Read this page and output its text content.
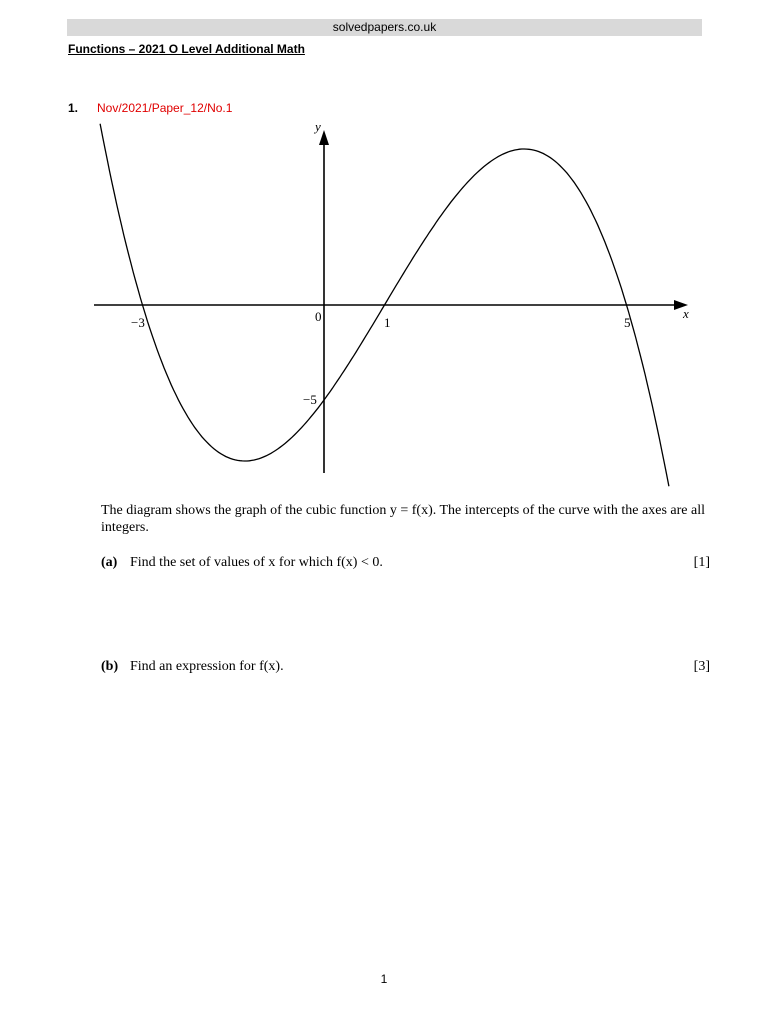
solvedpapers.co.uk
Functions – 2021 O Level Additional Math
1. Nov/2021/Paper_12/No.1
y
x
0
−3	1	5
−5
The diagram shows the graph of the cubic function y = f(x). The intercepts of the curve with the axes are all integers.
(a) Find the set of values of x for which f(x) < 0.	[1]
(b) Find an expression for f(x).	[3]
1
